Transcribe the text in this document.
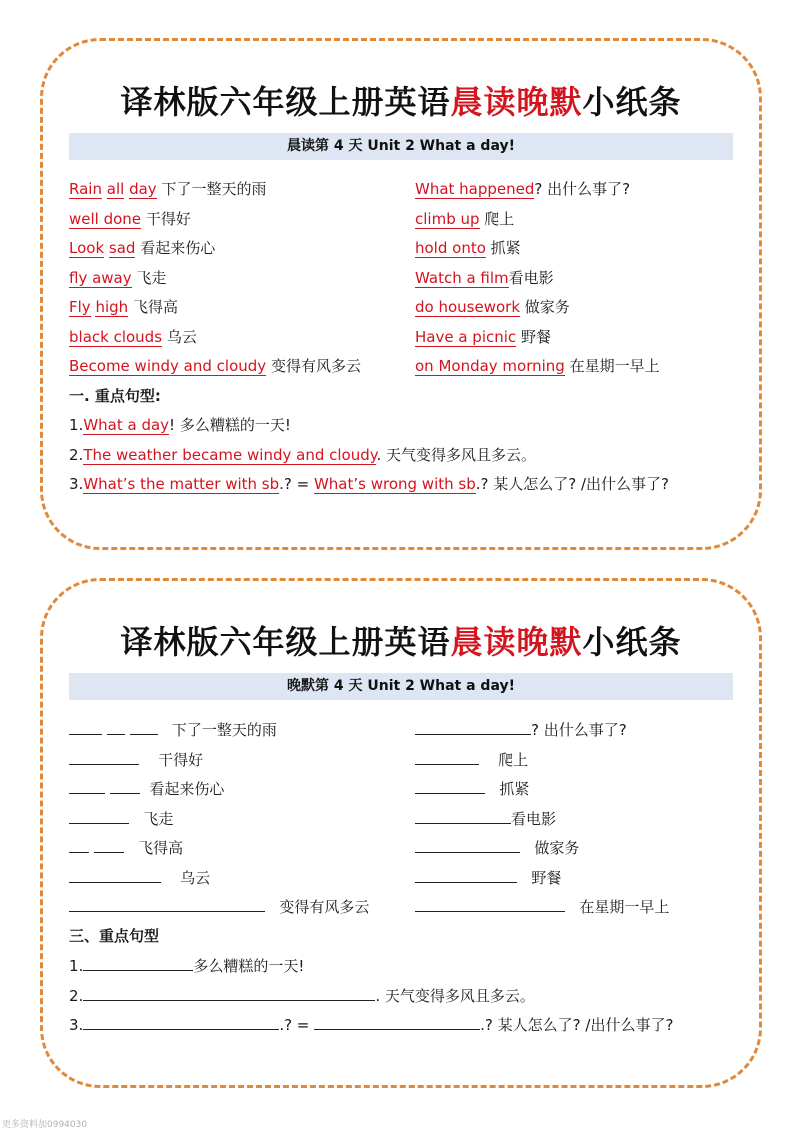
译林版六年级上册英语晨读晚默小纸条
晨读第 4 天 Unit 2 What a day!
Rain all day 下了一整天的雨
well done 干得好
Look sad 看起来伤心
fly away 飞走
Fly high 飞得高
black clouds 乌云
Become windy and cloudy 变得有风多云
What happened? 出什么事了?
climb up 爬上
hold onto 抓紧
Watch a film看电影
do housework 做家务
Have a picnic 野餐
on Monday morning 在星期一早上
一. 重点句型:
1.What a day! 多么糟糕的一天!
2.The weather became windy and cloudy. 天气变得多风且多云。
3.What’s the matter with sb.? = What’s wrong with sb.? 某人怎么了? /出什么事了?
译林版六年级上册英语晨读晚默小纸条
晚默第 4 天 Unit 2 What a day!
下了一整天的雨
干得好
看起来伤心
飞走
飞得高
乌云
变得有风多云
? 出什么事了?
爬上
抓紧
看电影
做家务
野餐
在星期一早上
三、重点句型
1.	多么糟糕的一天!
2.	. 天气变得多风且多云。
3.	.? =	.? 某人怎么了? /出什么事了?
更多资料加0994030
